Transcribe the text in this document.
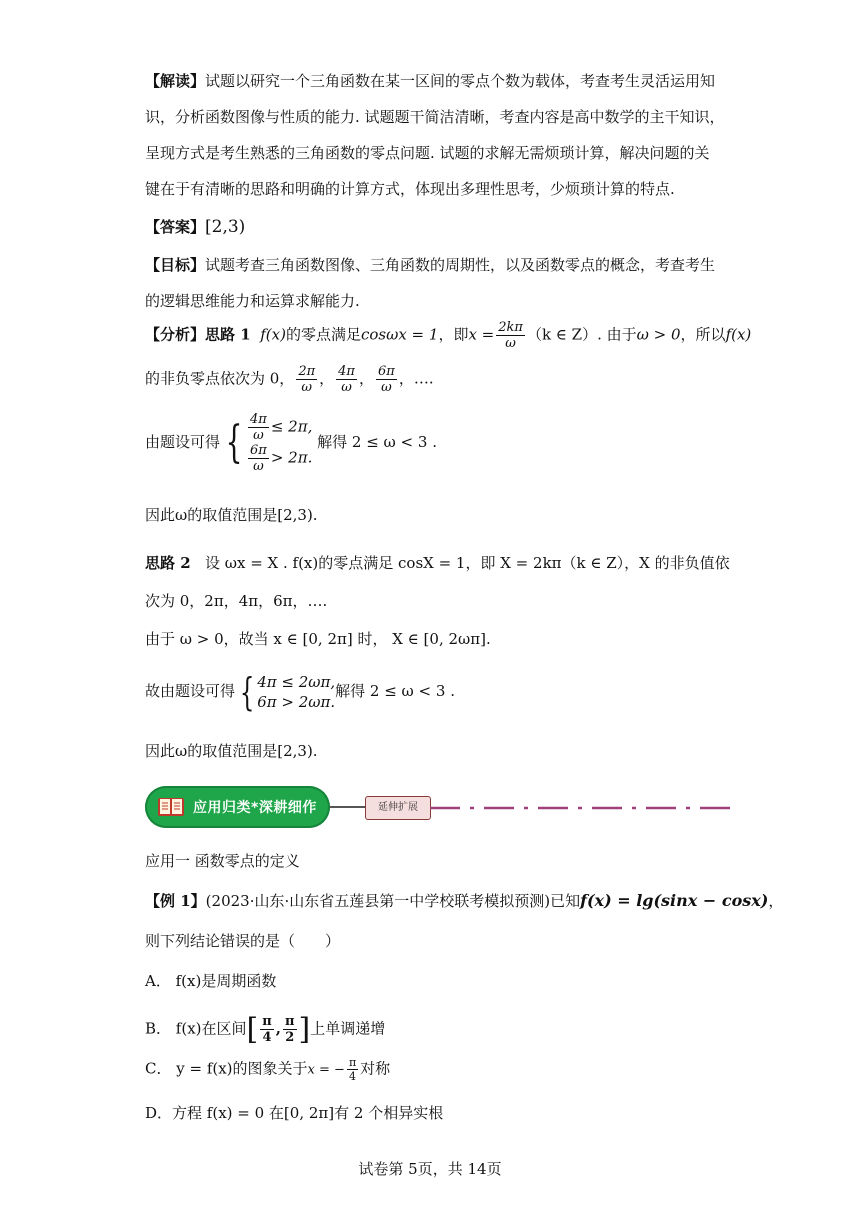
【解读】试题以研究一个三角函数在某一区间的零点个数为载体，考查考生灵活运用知
识，分析函数图像与性质的能力. 试题题干简洁清晰，考查内容是高中数学的主干知识，
呈现方式是考生熟悉的三角函数的零点问题. 试题的求解无需烦琐计算，解决问题的关
键在于有清晰的思路和明确的计算方式，体现出多理性思考，少烦琐计算的特点.
【答案】[2,3)
【目标】试题考查三角函数图像、三角函数的周期性，以及函数零点的概念，考查考生
的逻辑思维能力和运算求解能力.
【分析】思路 1 f(x)的零点满足cosωx = 1，即$x = \frac{2k\pi}{\omega} (k$ ∈ Z）. 由于ω > 0，所以f(x)
的非负零点依次为 0， $\frac{2\pi}{\omega}$ ， $\frac{4\pi}{\omega}$ ， $\frac{6\pi}{\omega}$ ，….
由题设可得 { $\frac{4\pi}{\omega} \le 2\pi$,
$\frac{6\pi}{\omega} > 2\pi$.
解得 2 ≤ ω < 3 .
因此ω的取值范围是[2,3).
思路 2 设 ωx = X . f(x)的零点满足 cosX = 1，即 X = 2kπ（k ∈ Z），X 的非负值依
次为 0，2π，4π，6π，….
由于 ω > 0，故当 x ∈ [0, 2π] 时， X ∈ [0, 2ωπ].
故由题设可得 { 4π ≤ 2ωπ,
6π > 2ωπ.
解得 2 ≤ ω < 3 .
因此ω的取值范围是[2,3).
应用归类*深耕细作	延伸扩展
应用一 函数零点的定义
【例 1】(2023·山东·山东省五莲县第一中学校联考模拟预测)已知f(x) = lg(sinx − cosx)，
则下列结论错误的是（　　）
A． f(x)是周期函数
B． f(x)在区间[ $\frac{\pi}{4}$ , $\frac{\pi}{2}$ ]上单调递增
C． y = f(x)的图象关于x = − $\frac{\pi}{4}$ 对称
D．方程 f(x) = 0 在[0, 2π]有 2 个相异实根
试卷第 5页，共 14页
